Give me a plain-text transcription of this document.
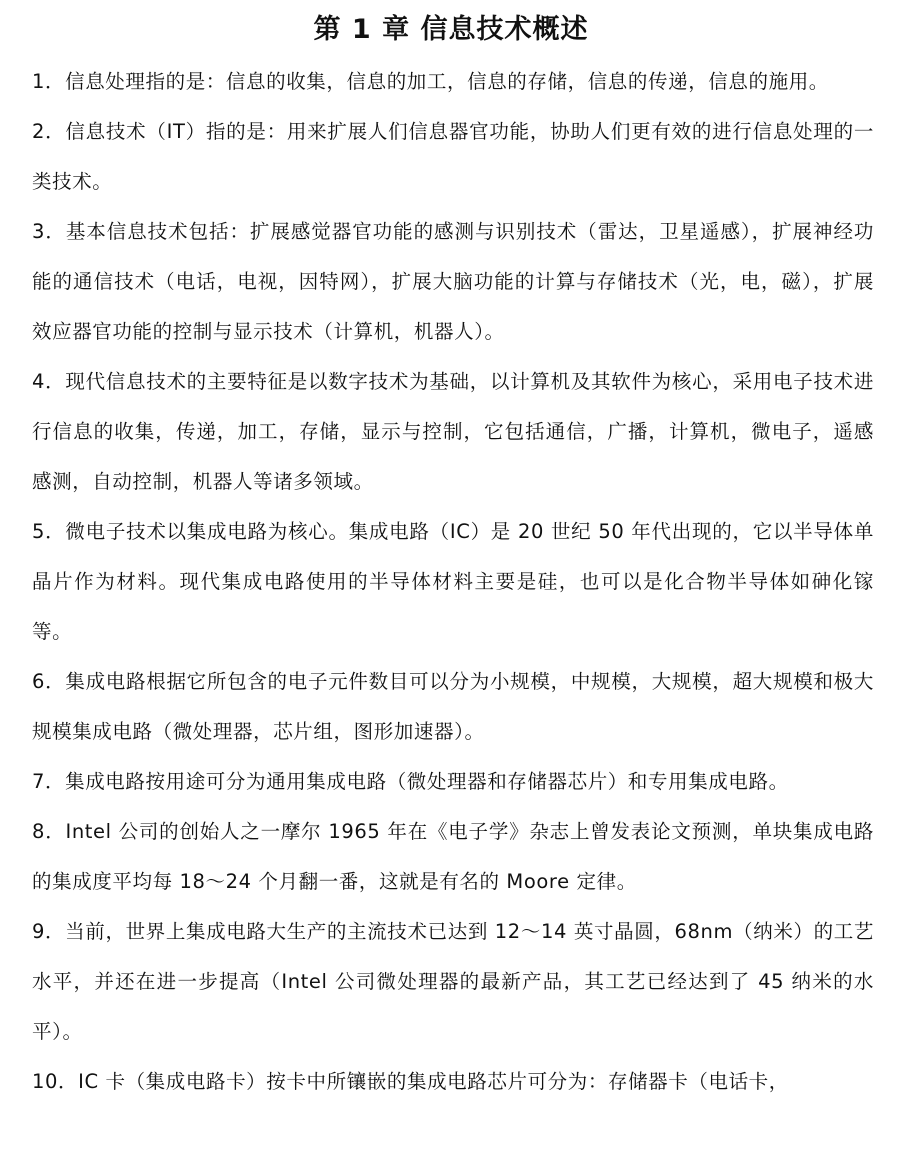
第 1 章 信息技术概述

1．信息处理指的是：信息的收集，信息的加工，信息的存储，信息的传递，信息的施用。

2．信息技术（IT）指的是：用来扩展人们信息器官功能，协助人们更有效的进行信息处理的一类技术。

3．基本信息技术包括：扩展感觉器官功能的感测与识别技术（雷达，卫星遥感），扩展神经功能的通信技术（电话，电视，因特网），扩展大脑功能的计算与存储技术（光，电，磁），扩展效应器官功能的控制与显示技术（计算机，机器人）。

4．现代信息技术的主要特征是以数字技术为基础，以计算机及其软件为核心，采用电子技术进行信息的收集，传递，加工，存储，显示与控制，它包括通信，广播，计算机，微电子，遥感感测，自动控制，机器人等诸多领域。

5．微电子技术以集成电路为核心。集成电路（IC）是 20 世纪 50 年代出现的，它以半导体单晶片作为材料。现代集成电路使用的半导体材料主要是硅，也可以是化合物半导体如砷化镓等。

6．集成电路根据它所包含的电子元件数目可以分为小规模，中规模，大规模，超大规模和极大规模集成电路（微处理器，芯片组，图形加速器）。

7．集成电路按用途可分为通用集成电路（微处理器和存储器芯片）和专用集成电路。

8．Intel 公司的创始人之一摩尔 1965 年在《电子学》杂志上曾发表论文预测，单块集成电路的集成度平均每 18～24 个月翻一番，这就是有名的 Moore 定律。

9．当前，世界上集成电路大生产的主流技术已达到 12～14 英寸晶圆，68nm（纳米）的工艺水平，并还在进一步提高（Intel 公司微处理器的最新产品，其工艺已经达到了 45 纳米的水平）。

10．IC 卡（集成电路卡）按卡中所镶嵌的集成电路芯片可分为：存储器卡（电话卡，
